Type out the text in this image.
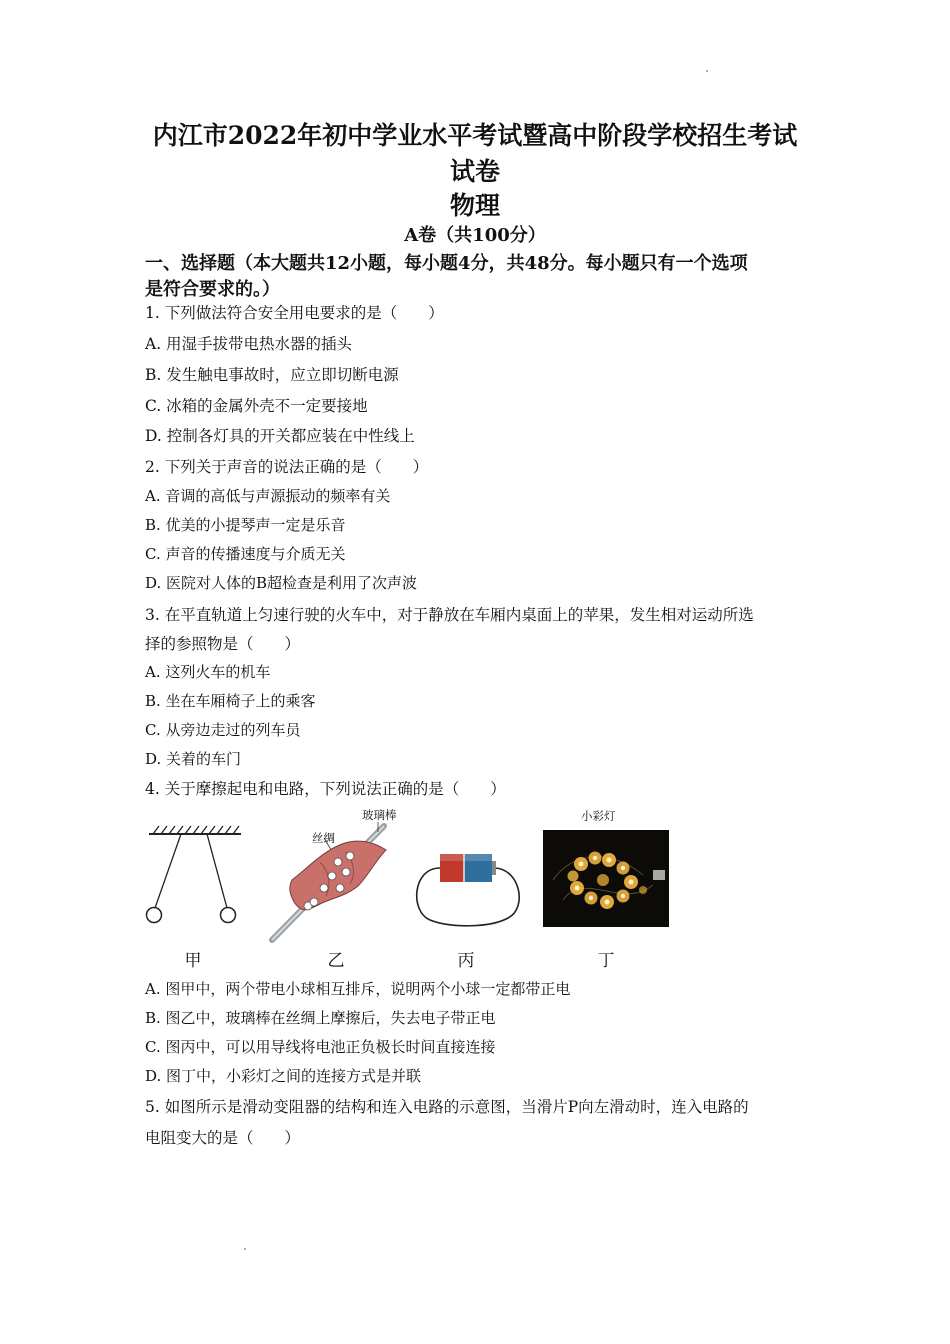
内江市2022年初中学业水平考试暨高中阶段学校招生考试
试卷
物理
A卷（共100分）
一、选择题（本大题共12小题，每小题4分，共48分。每小题只有一个选项
是符合要求的。）
1. 下列做法符合安全用电要求的是（　　）
A. 用湿手拔带电热水器的插头
B. 发生触电事故时，应立即切断电源
C. 冰箱的金属外壳不一定要接地
D. 控制各灯具的开关都应装在中性线上
2. 下列关于声音的说法正确的是（　　）
A. 音调的高低与声源振动的频率有关
B. 优美的小提琴声一定是乐音
C. 声音的传播速度与介质无关
D. 医院对人体的B超检查是利用了次声波
3. 在平直轨道上匀速行驶的火车中，对于静放在车厢内桌面上的苹果，发生相对运动所选
择的参照物是（　　）
A. 这列火车的机车
B. 坐在车厢椅子上的乘客
C. 从旁边走过的列车员
D. 关着的车门
4. 关于摩擦起电和电路，下列说法正确的是（　　）
玻璃棒
丝绸
小彩灯
甲	乙	丙	丁
A. 图甲中，两个带电小球相互排斥，说明两个小球一定都带正电
B. 图乙中，玻璃棒在丝绸上摩擦后，失去电子带正电
C. 图丙中，可以用导线将电池正负极长时间直接连接
D. 图丁中，小彩灯之间的连接方式是并联
5. 如图所示是滑动变阻器的结构和连入电路的示意图，当滑片P向左滑动时，连入电路的
电阻变大的是（　　）
